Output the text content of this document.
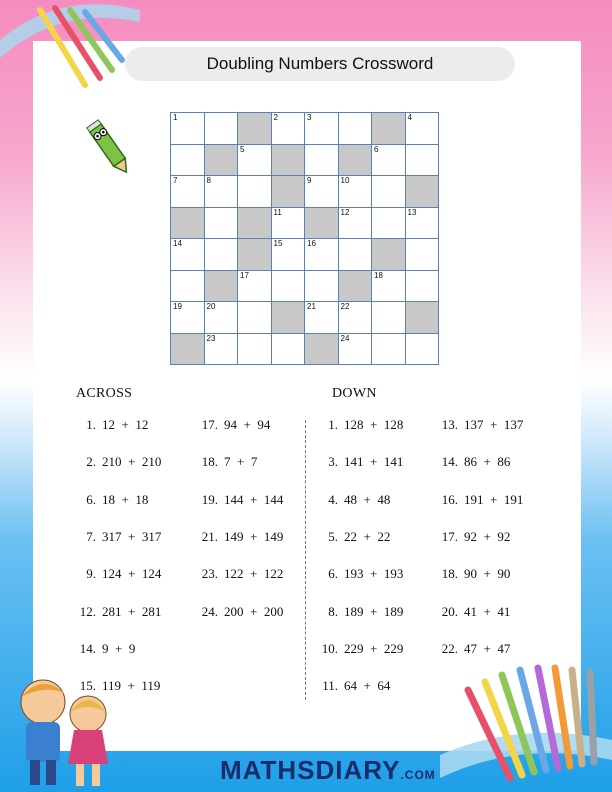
Doubling Numbers Crossword
1			2	3			4

		5				6	

7	8			9	10		

			11		12		13

14			15	16			

		17				18	

19	20			21	22		

	23				24		

ACROSS	DOWN
1. 12  +  12
2. 210  +  210
6. 18  +  18
7. 317  +  317
9. 124  +  124
12. 281  +  281
14. 9  +  9
15. 119  +  119
17. 94  +  94
18. 7  +  7
19. 144  +  144
21. 149  +  149
23. 122  +  122
24. 200  +  200
1. 128  +  128
3. 141  +  141
4. 48  +  48
5. 22  +  22
6. 193  +  193
8. 189  +  189
10. 229  +  229
11. 64  +  64
13. 137  +  137
14. 86  +  86
16. 191  +  191
17. 92  +  92
18. 90  +  90
20. 41  +  41
22. 47  +  47
MATHSDIARY.COM
